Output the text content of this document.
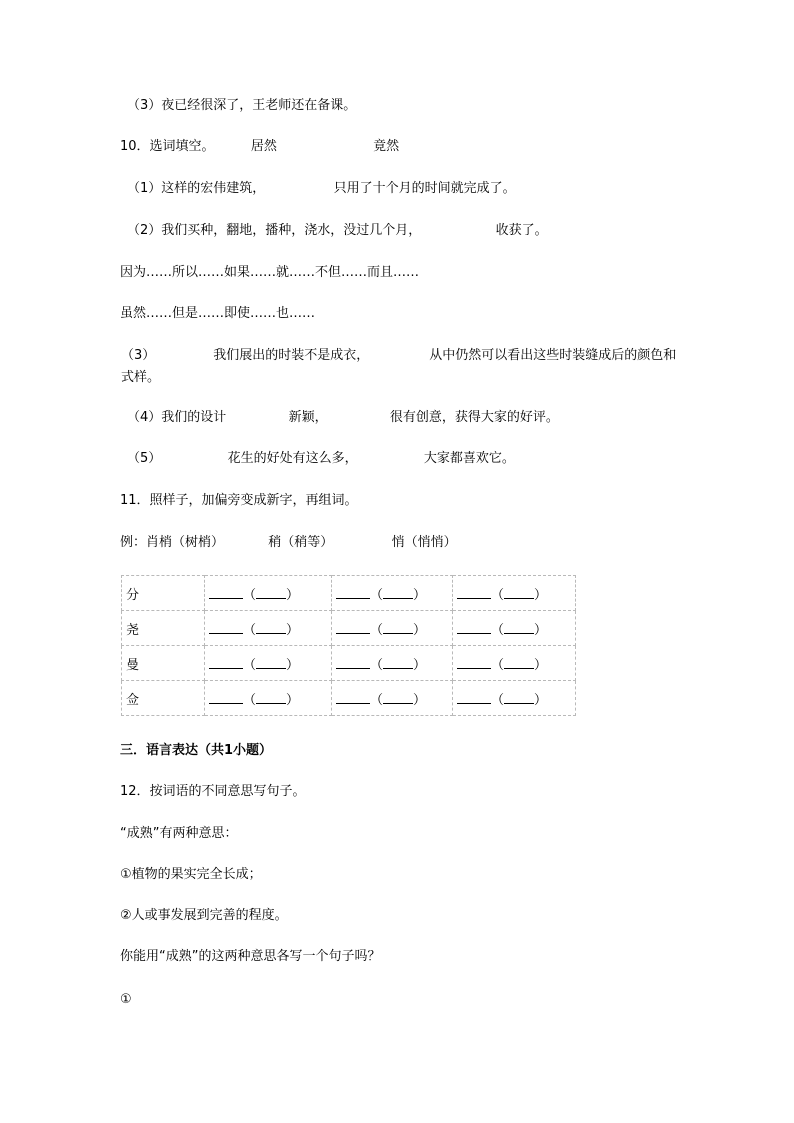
（3）夜已经很深了，王老师还在备课。
10．选词填空。	居然	竟然
（1）这样的宏伟建筑，	只用了十个月的时间就完成了。
（2）我们买种，翻地，播种，浇水，没过几个月，	收获了。
因为……所以……如果……就……不但……而且……
虽然……但是……即使……也……
（3）	我们展出的时装不是成衣，	从中仍然可以看出这些时装缝成后的颜色和式样。
（4）我们的设计	新颖，	很有创意，获得大家的好评。
（5）	花生的好处有这么多，	大家都喜欢它。
11．照样子，加偏旁变成新字，再组词。
例：肖梢（树梢）	稍（稍等）	悄（悄悄）
分	（ ）	（ ）	（ ）
尧	（ ）	（ ）	（ ）
曼	（ ）	（ ）	（ ）
佥	（ ）	（ ）	（ ）
三．语言表达（共1小题）
12．按词语的不同意思写句子。
“成熟”有两种意思：
①植物的果实完全长成；
②人或事发展到完善的程度。
你能用“成熟”的这两种意思各写一个句子吗？
①
